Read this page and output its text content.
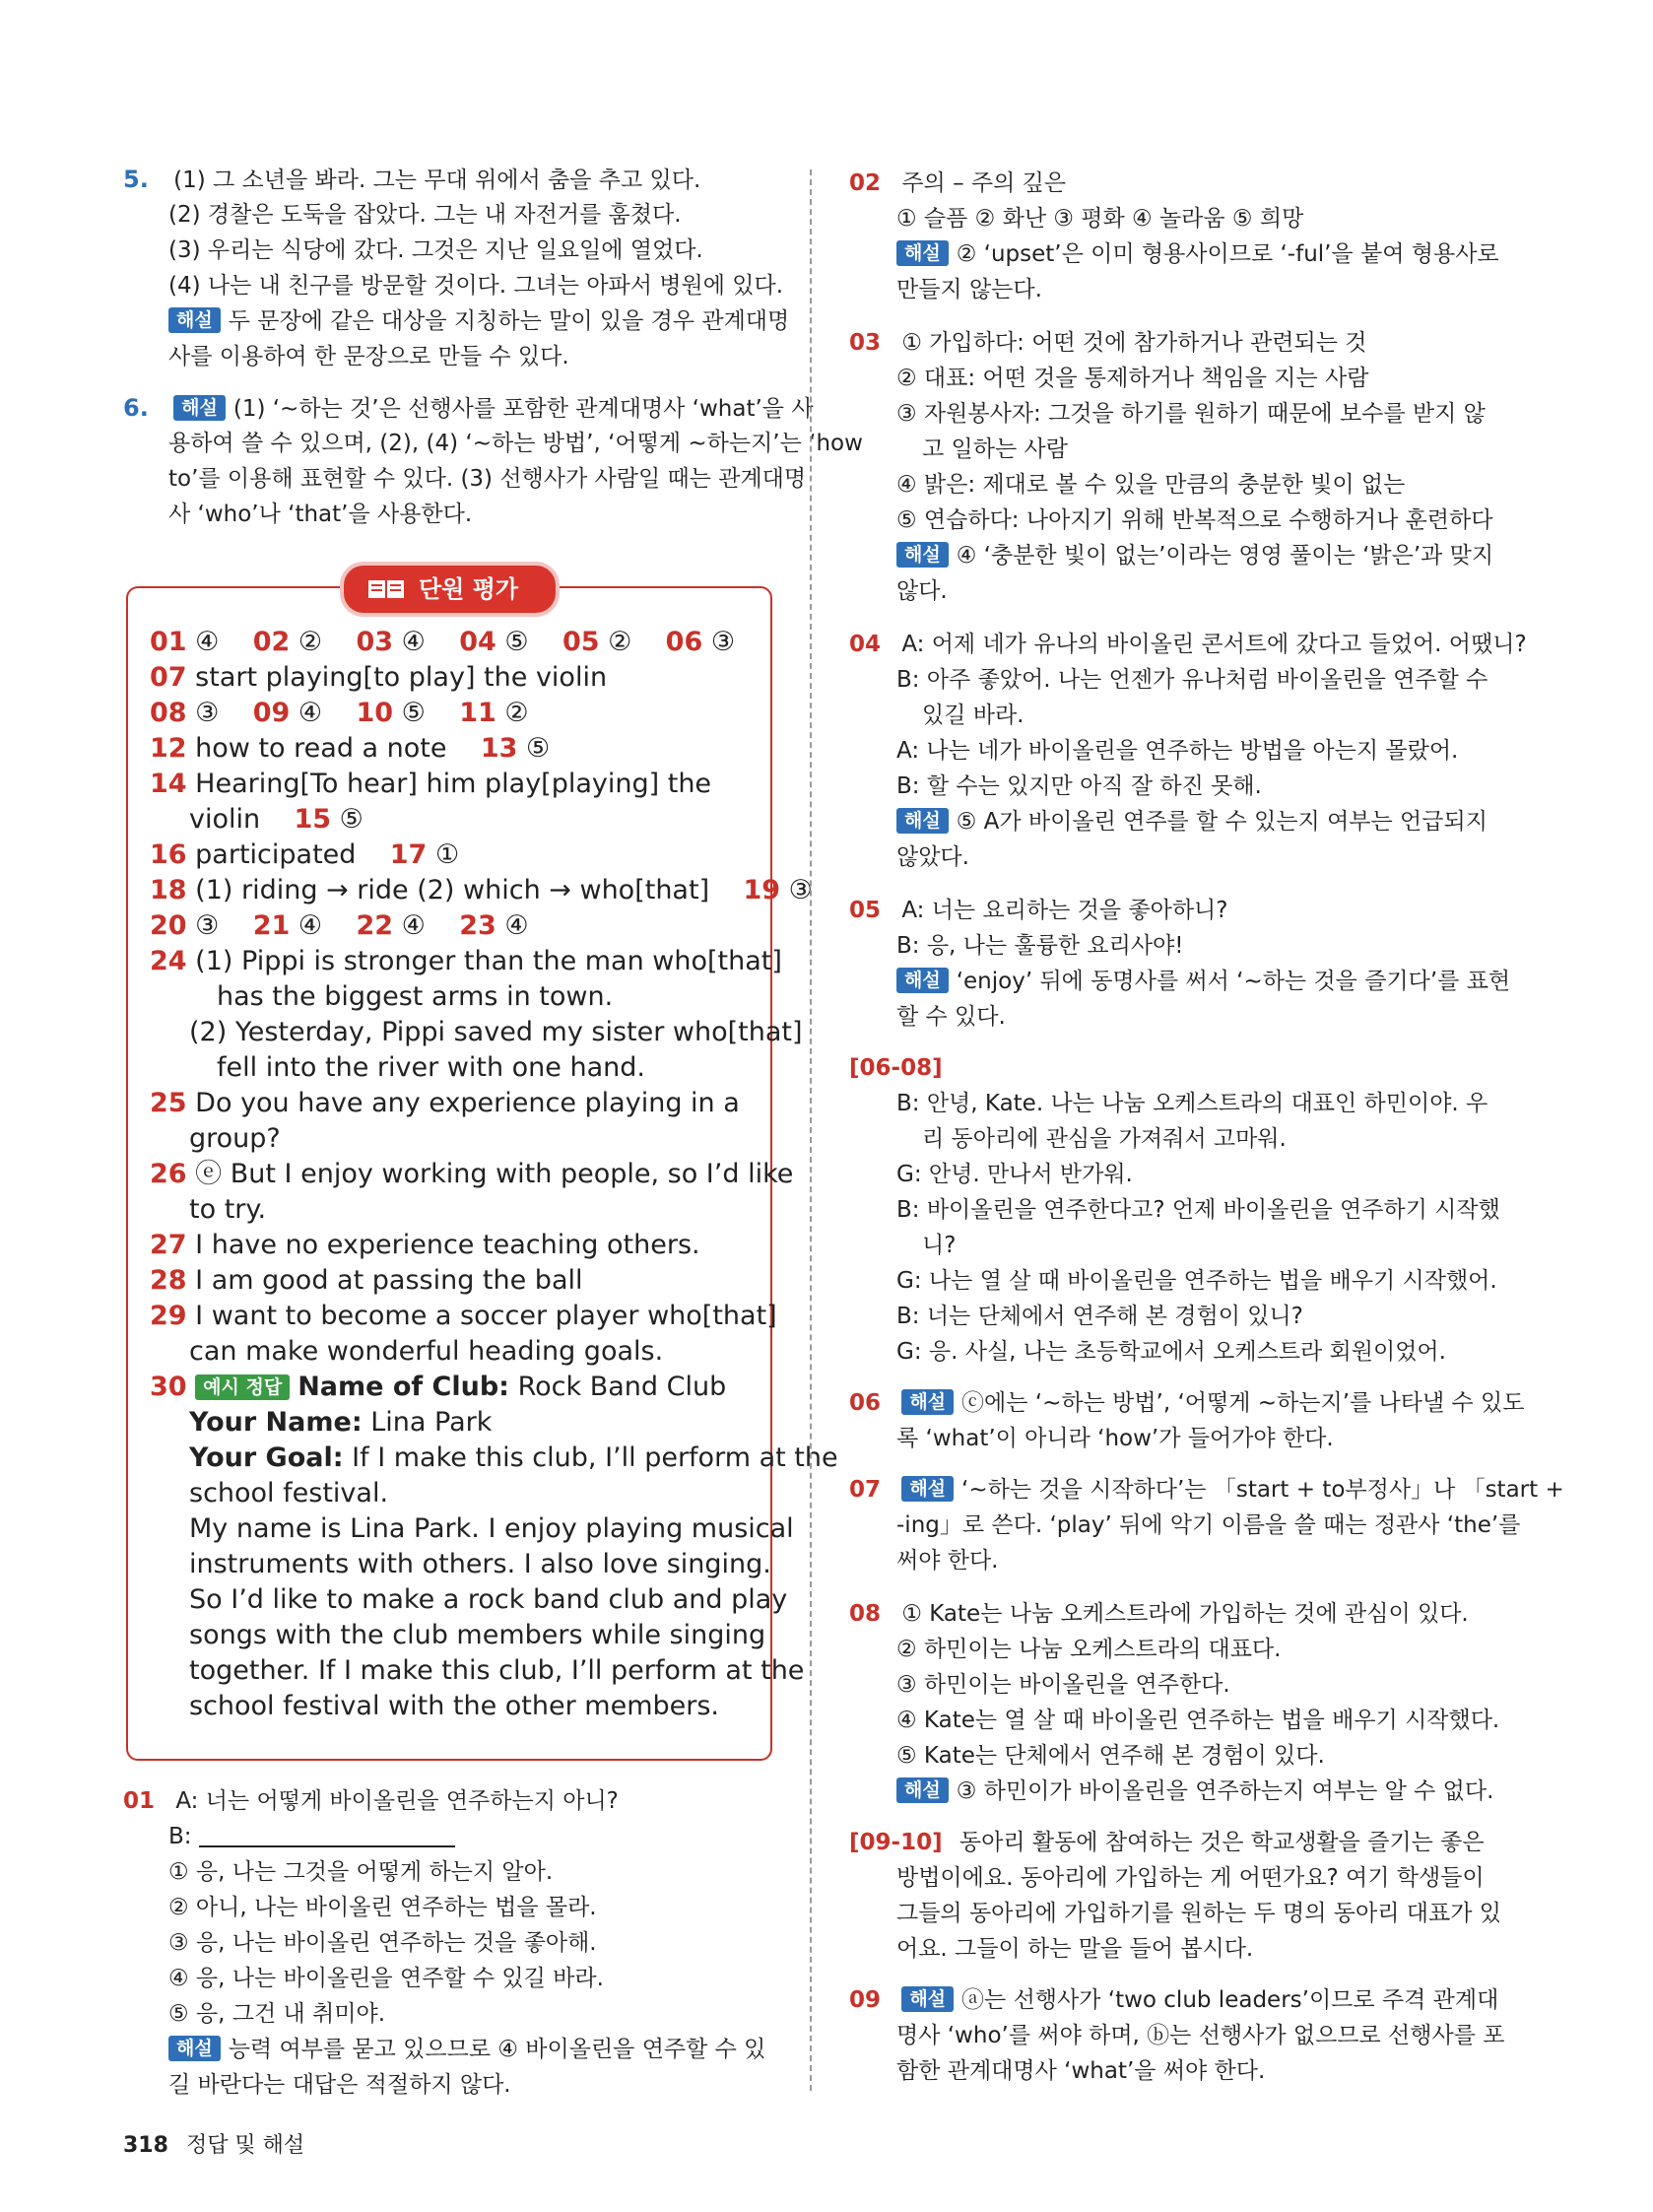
5. (1) 그 소년을 봐라. 그는 무대 위에서 춤을 추고 있다.
(2) 경찰은 도둑을 잡았다. 그는 내 자전거를 훔쳤다.
(3) 우리는 식당에 갔다. 그것은 지난 일요일에 열었다.
(4) 나는 내 친구를 방문할 것이다. 그녀는 아파서 병원에 있다.
해설 두 문장에 같은 대상을 지칭하는 말이 있을 경우 관계대명
사를 이용하여 한 문장으로 만들 수 있다.
6. 해설 (1) ‘~하는 것’은 선행사를 포함한 관계대명사 ‘what’을 사
용하여 쓸 수 있으며, (2), (4) ‘~하는 방법’, ‘어떻게 ~하는지’는 ‘how
to’를 이용해 표현할 수 있다. (3) 선행사가 사람일 때는 관계대명
사 ‘who’나 ‘that’을 사용한다.
단원 평가
01 ④ 02 ② 03 ④ 04 ⑤ 05 ② 06 ③
07 start playing[to play] the violin
08 ③ 09 ④ 10 ⑤ 11 ②
12 how to read a note 13 ⑤
14 Hearing[To hear] him play[playing] the
violin 15 ⑤
16 participated 17 ①
18 (1) riding → ride (2) which → who[that] 19 ③
20 ③ 21 ④ 22 ④ 23 ④
24 (1) Pippi is stronger than the man who[that]
has the biggest arms in town.
(2) Yesterday, Pippi saved my sister who[that]
fell into the river with one hand.
25 Do you have any experience playing in a
group?
26 ⓔ But I enjoy working with people, so I’d like
to try.
27 I have no experience teaching others.
28 I am good at passing the ball
29 I want to become a soccer player who[that]
can make wonderful heading goals.
30 예시 정답 Name of Club: Rock Band Club
Your Name: Lina Park
Your Goal: If I make this club, I’ll perform at the
school festival.
My name is Lina Park. I enjoy playing musical
instruments with others. I also love singing.
So I’d like to make a rock band club and play
songs with the club members while singing
together. If I make this club, I’ll perform at the
school festival with the other members.
01 A: 너는 어떻게 바이올린을 연주하는지 아니?
B:
① 응, 나는 그것을 어떻게 하는지 알아.
② 아니, 나는 바이올린 연주하는 법을 몰라.
③ 응, 나는 바이올린 연주하는 것을 좋아해.
④ 응, 나는 바이올린을 연주할 수 있길 바라.
⑤ 응, 그건 내 취미야.
해설 능력 여부를 묻고 있으므로 ④ 바이올린을 연주할 수 있
길 바란다는 대답은 적절하지 않다.
02 주의 – 주의 깊은
① 슬픔 ② 화난 ③ 평화 ④ 놀라움 ⑤ 희망
해설 ② ‘upset’은 이미 형용사이므로 ‘-ful’을 붙여 형용사로
만들지 않는다.
03 ① 가입하다: 어떤 것에 참가하거나 관련되는 것
② 대표: 어떤 것을 통제하거나 책임을 지는 사람
③ 자원봉사자: 그것을 하기를 원하기 때문에 보수를 받지 않
고 일하는 사람
④ 밝은: 제대로 볼 수 있을 만큼의 충분한 빛이 없는
⑤ 연습하다: 나아지기 위해 반복적으로 수행하거나 훈련하다
해설 ④ ‘충분한 빛이 없는’이라는 영영 풀이는 ‘밝은’과 맞지
않다.
04 A: 어제 네가 유나의 바이올린 콘서트에 갔다고 들었어. 어땠니?
B: 아주 좋았어. 나는 언젠가 유나처럼 바이올린을 연주할 수
있길 바라.
A: 나는 네가 바이올린을 연주하는 방법을 아는지 몰랐어.
B: 할 수는 있지만 아직 잘 하진 못해.
해설 ⑤ A가 바이올린 연주를 할 수 있는지 여부는 언급되지
않았다.
05 A: 너는 요리하는 것을 좋아하니?
B: 응, 나는 훌륭한 요리사야!
해설 ‘enjoy’ 뒤에 동명사를 써서 ‘~하는 것을 즐기다’를 표현
할 수 있다.
[06-08]
B: 안녕, Kate. 나는 나눔 오케스트라의 대표인 하민이야. 우
리 동아리에 관심을 가져줘서 고마워.
G: 안녕. 만나서 반가워.
B: 바이올린을 연주한다고? 언제 바이올린을 연주하기 시작했
니?
G: 나는 열 살 때 바이올린을 연주하는 법을 배우기 시작했어.
B: 너는 단체에서 연주해 본 경험이 있니?
G: 응. 사실, 나는 초등학교에서 오케스트라 회원이었어.
06 해설 ⓒ에는 ‘~하는 방법’, ‘어떻게 ~하는지’를 나타낼 수 있도
록 ‘what’이 아니라 ‘how’가 들어가야 한다.
07 해설 ‘~하는 것을 시작하다’는 「start + to부정사」나 「start +
-ing」로 쓴다. ‘play’ 뒤에 악기 이름을 쓸 때는 정관사 ‘the’를
써야 한다.
08 ① Kate는 나눔 오케스트라에 가입하는 것에 관심이 있다.
② 하민이는 나눔 오케스트라의 대표다.
③ 하민이는 바이올린을 연주한다.
④ Kate는 열 살 때 바이올린 연주하는 법을 배우기 시작했다.
⑤ Kate는 단체에서 연주해 본 경험이 있다.
해설 ③ 하민이가 바이올린을 연주하는지 여부는 알 수 없다.
[09-10] 동아리 활동에 참여하는 것은 학교생활을 즐기는 좋은
방법이에요. 동아리에 가입하는 게 어떤가요? 여기 학생들이
그들의 동아리에 가입하기를 원하는 두 명의 동아리 대표가 있
어요. 그들이 하는 말을 들어 봅시다.
09 해설 ⓐ는 선행사가 ‘two club leaders’이므로 주격 관계대
명사 ‘who’를 써야 하며, ⓑ는 선행사가 없으므로 선행사를 포
함한 관계대명사 ‘what’을 써야 한다.
318 정답 및 해설
